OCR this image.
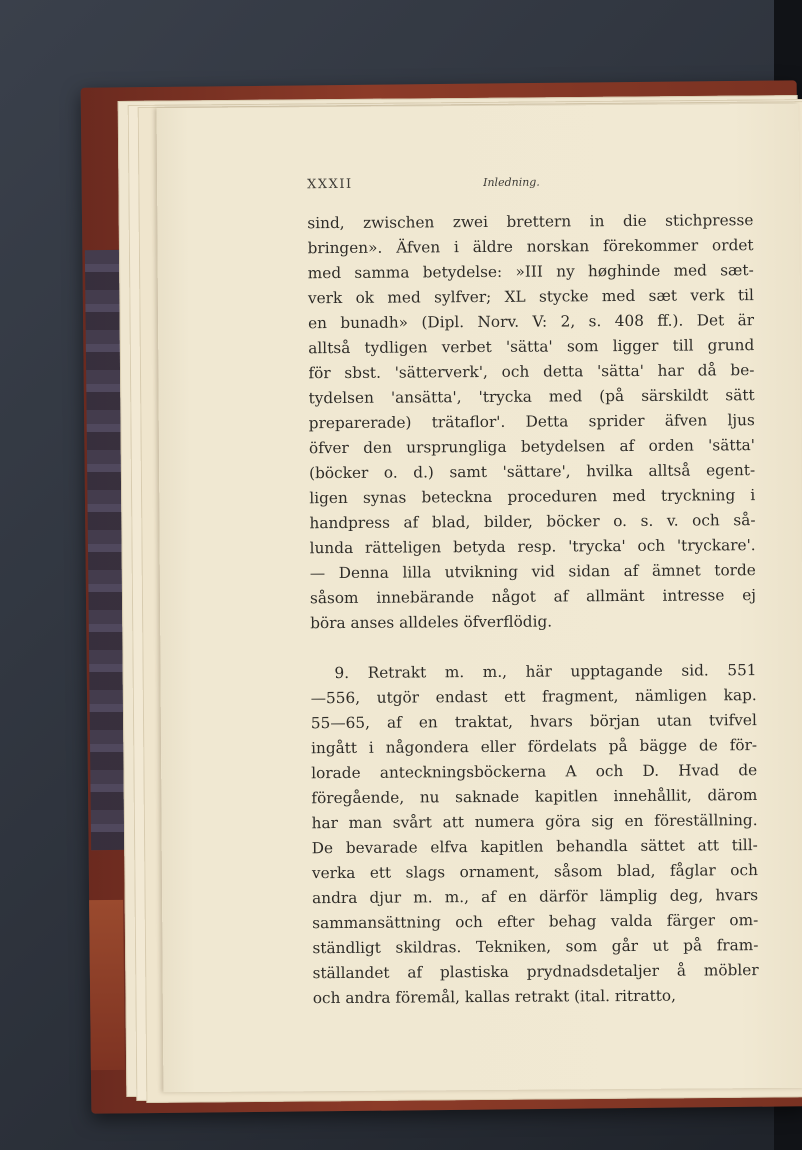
XXXII	Inledning.
sind, zwischen zwei brettern in die stichpresse
bringen». Äfven i äldre norskan förekommer ordet
med samma betydelse: »III ny høghinde med sæt-
verk ok med sylfver; XL stycke med sæt verk til
en bunadh» (Dipl. Norv. V: 2, s. 408 ff.). Det är
alltså tydligen verbet 'sätta' som ligger till grund
för sbst. 'sätterverk', och detta 'sätta' har då be-
tydelsen 'ansätta', 'trycka med (på särskildt sätt
preparerade) trätaflor'. Detta sprider äfven ljus
öfver den ursprungliga betydelsen af orden 'sätta'
(böcker o. d.) samt 'sättare', hvilka alltså egent-
ligen synas beteckna proceduren med tryckning i
handpress af blad, bilder, böcker o. s. v. och så-
lunda rätteligen betyda resp. 'trycka' och 'tryckare'.
— Denna lilla utvikning vid sidan af ämnet torde
såsom innebärande något af allmänt intresse ej
böra anses alldeles öfverflödig.
9. Retrakt m. m., här upptagande sid. 551
—556, utgör endast ett fragment, nämligen kap.
55—65, af en traktat, hvars början utan tvifvel
ingått i någondera eller fördelats på bägge de för-
lorade anteckningsböckerna A och D. Hvad de
föregående, nu saknade kapitlen innehållit, därom
har man svårt att numera göra sig en föreställning.
De bevarade elfva kapitlen behandla sättet att till-
verka ett slags ornament, såsom blad, fåglar och
andra djur m. m., af en därför lämplig deg, hvars
sammansättning och efter behag valda färger om-
ständligt skildras. Tekniken, som går ut på fram-
ställandet af plastiska prydnadsdetaljer å möbler
och andra föremål, kallas retrakt (ital. ritratto,
